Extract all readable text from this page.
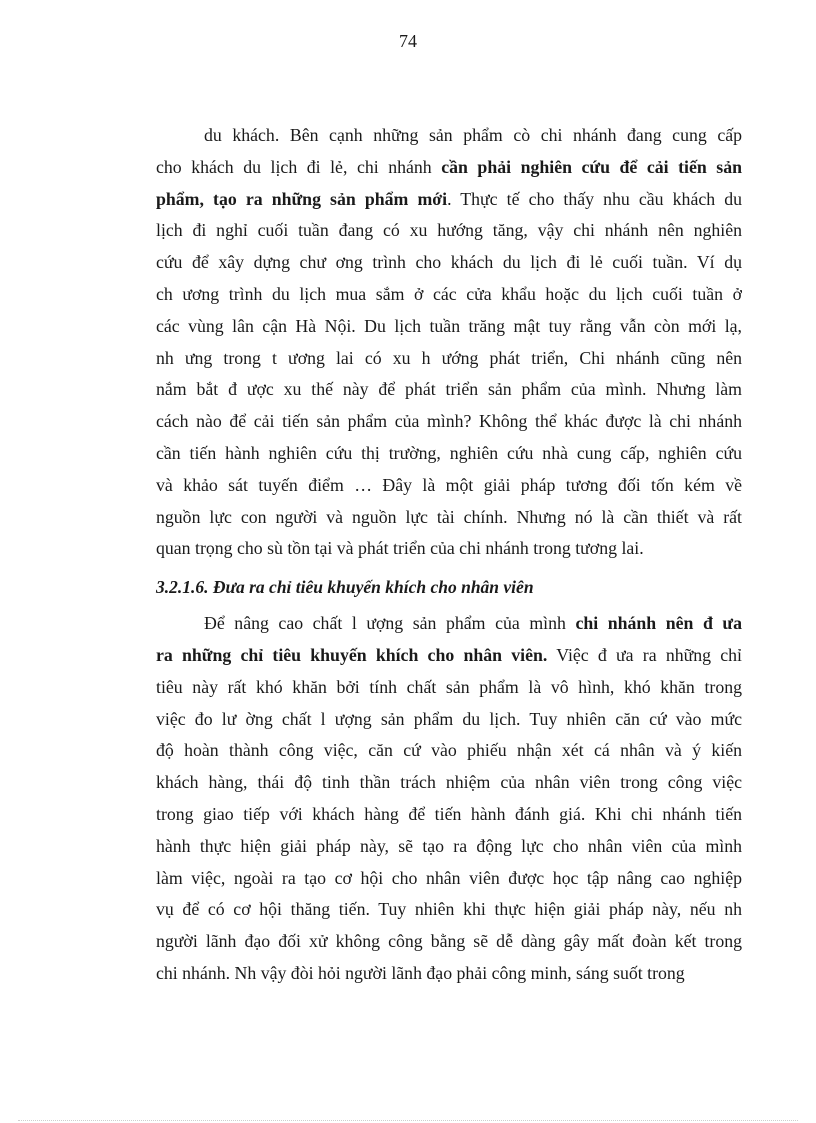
74
du khách. Bên cạnh những sản phẩm cò chi nhánh đang cung cấp
cho khách du lịch đi lẻ, chi nhánh cần phải nghiên cứu để cải tiến sản
phẩm, tạo ra những sản phẩm mới. Thực tế cho thấy nhu cầu khách du
lịch đi nghỉ cuối tuần đang có xu hướng tăng, vậy chi nhánh nên nghiên
cứu để xây dựng chư ơng trình cho khách du lịch đi lẻ cuối tuần. Ví dụ
ch ương trình du lịch mua sắm ở các cửa khẩu hoặc du lịch cuối tuần ở
các vùng lân cận Hà Nội. Du lịch tuần trăng mật tuy rằng vẫn còn mới lạ,
nh ưng trong t ương lai có xu h ướng phát triển, Chi nhánh cũng nên
nắm bắt đ ược xu thế này để phát triển sản phẩm của mình. Nhưng làm
cách nào để cải tiến sản phẩm của mình? Không thể khác được là chi nhánh
cần tiến hành nghiên cứu thị trường, nghiên cứu nhà cung cấp, nghiên cứu
và khảo sát tuyến điểm … Đây là một giải pháp tương đối tốn kém về
nguồn lực con người và nguồn lực tài chính. Nhưng nó là cần thiết và rất
quan trọng cho sù tồn tại và phát triển của chi nhánh trong tương lai.
3.2.1.6. Đưa ra chỉ tiêu khuyến khích cho nhân viên
Để nâng cao chất l ượng sản phẩm của mình chi nhánh nên đ ưa
ra những chỉ tiêu khuyến khích cho nhân viên. Việc đ ưa ra những chỉ
tiêu này rất khó khăn bởi tính chất sản phẩm là vô hình, khó khăn trong
việc đo lư ờng chất l ượng sản phẩm du lịch. Tuy nhiên căn cứ vào mức
độ hoàn thành công việc, căn cứ vào phiếu nhận xét cá nhân và ý kiến
khách hàng, thái độ tinh thần trách nhiệm của nhân viên trong công việc
trong giao tiếp với khách hàng để tiến hành đánh giá. Khi chi nhánh tiến
hành thực hiện giải pháp này, sẽ tạo ra động lực cho nhân viên của mình
làm việc, ngoài ra tạo cơ hội cho nhân viên được học tập nâng cao nghiệp
vụ để có cơ hội thăng tiến. Tuy nhiên khi thực hiện giải pháp này, nếu nh
người lãnh đạo đối xử không công bằng sẽ dễ dàng gây mất đoàn kết trong
chi nhánh. Nh vậy đòi hỏi người lãnh đạo phải công minh, sáng suốt trong
